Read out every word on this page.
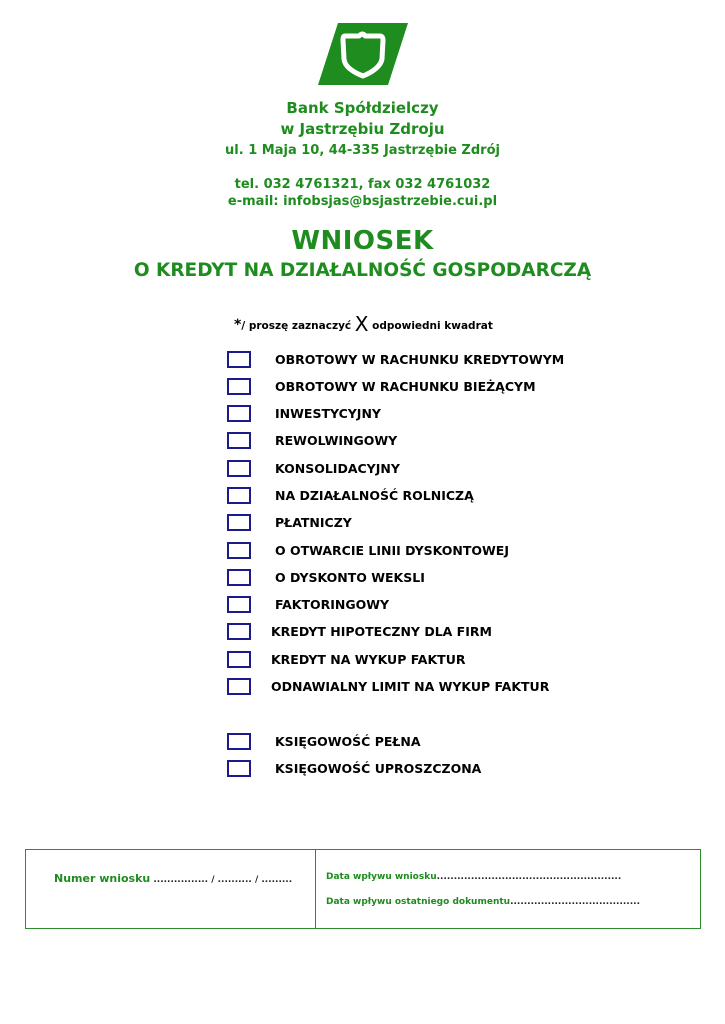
Bank Spółdzielczy
w Jastrzębiu Zdroju
ul. 1 Maja 10, 44-335 Jastrzębie Zdrój
tel. 032 4761321, fax 032 4761032
e-mail: infobsjas@bsjastrzebie.cui.pl
WNIOSEK
O KREDYT NA DZIAŁALNOŚĆ GOSPODARCZĄ
*/ proszę zaznaczyć X odpowiedni kwadrat
OBROTOWY W RACHUNKU KREDYTOWYM
OBROTOWY W RACHUNKU BIEŻĄCYM
INWESTYCYJNY
REWOLWINGOWY
KONSOLIDACYJNY
NA DZIAŁALNOŚĆ ROLNICZĄ
PŁATNICZY
O OTWARCIE LINII DYSKONTOWEJ
O DYSKONTO WEKSLI
FAKTORINGOWY
KREDYT HIPOTECZNY DLA FIRM
KREDYT NA WYKUP FAKTUR
ODNAWIALNY LIMIT NA WYKUP FAKTUR
KSIĘGOWOŚĆ PEŁNA
KSIĘGOWOŚĆ UPROSZCZONA
Numer wniosku ................ / .......... / .........	Data wpływu wniosku......................................................
Data wpływu ostatniego dokumentu......................................
